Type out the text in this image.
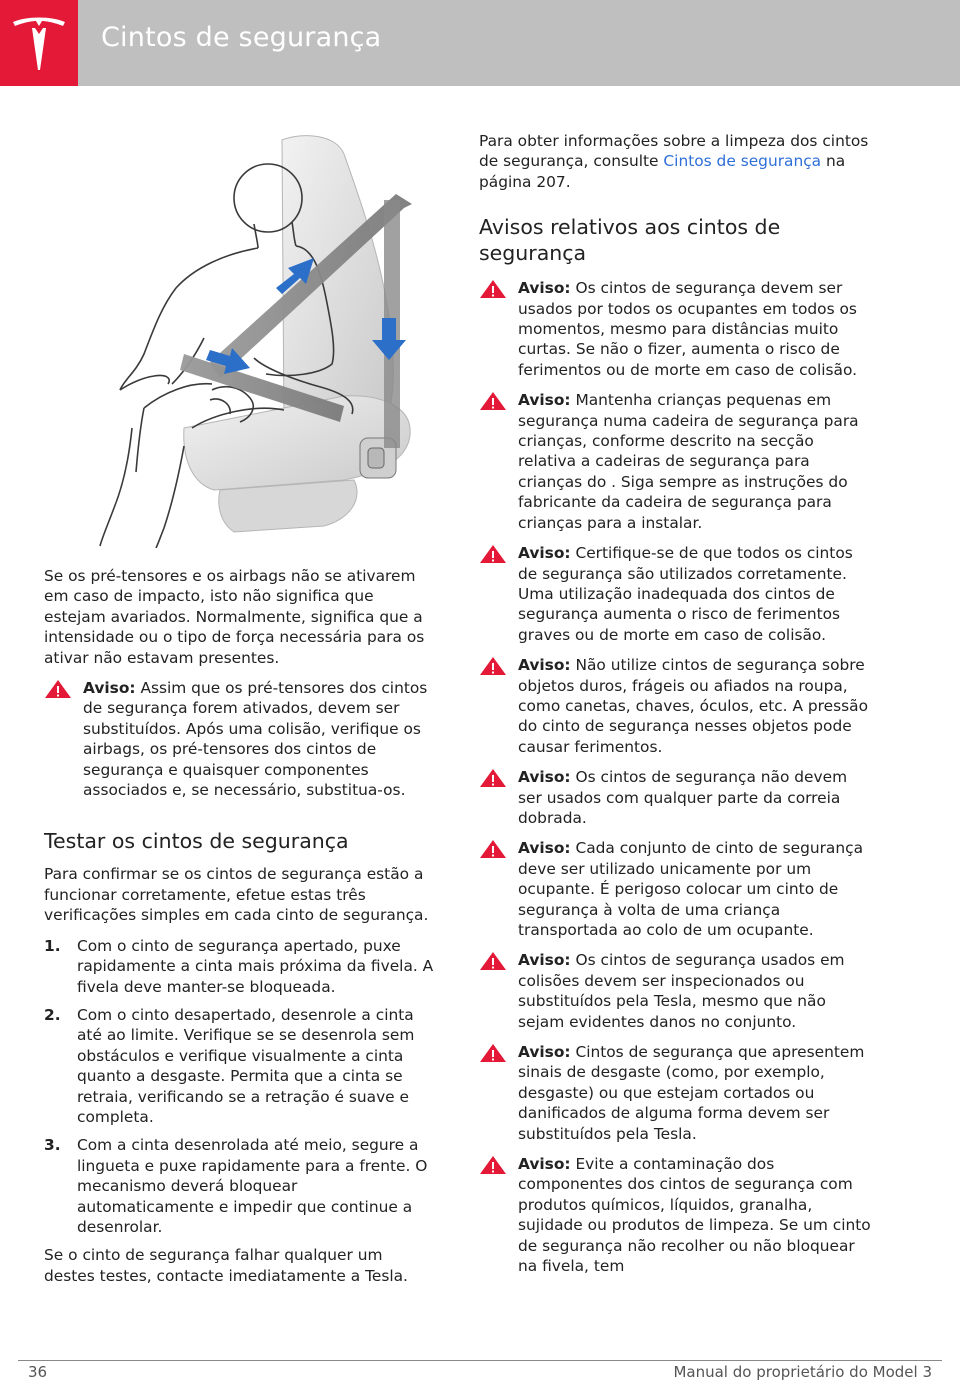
Cintos de segurança

Se os pré-tensores e os airbags não se ativarem em caso de impacto, isto não significa que estejam avariados. Normalmente, significa que a intensidade ou o tipo de força necessária para os ativar não estavam presentes.

Aviso: Assim que os pré-tensores dos cintos de segurança forem ativados, devem ser substituídos. Após uma colisão, verifique os airbags, os pré-tensores dos cintos de segurança e quaisquer componentes associados e, se necessário, substitua-os.
Testar os cintos de segurança

Para confirmar se os cintos de segurança estão a funcionar corretamente, efetue estas três verificações simples em cada cinto de segurança.

1. Com o cinto de segurança apertado, puxe rapidamente a cinta mais próxima da fivela. A fivela deve manter-se bloqueada.
2. Com o cinto desapertado, desenrole a cinta até ao limite. Verifique se se desenrola sem obstáculos e verifique visualmente a cinta quanto a desgaste. Permita que a cinta se retraia, verificando se a retração é suave e completa.
3. Com a cinta desenrolada até meio, segure a lingueta e puxe rapidamente para a frente. O mecanismo deverá bloquear automaticamente e impedir que continue a desenrolar.

Se o cinto de segurança falhar qualquer um destes testes, contacte imediatamente a Tesla.

Para obter informações sobre a limpeza dos cintos de segurança, consulte Cintos de segurança na página 207.

Avisos relativos aos cintos de segurança
Aviso: Os cintos de segurança devem ser usados por todos os ocupantes em todos os momentos, mesmo para distâncias muito curtas. Se não o fizer, aumenta o risco de ferimentos ou de morte em caso de colisão.
Aviso: Mantenha crianças pequenas em segurança numa cadeira de segurança para crianças, conforme descrito na secção relativa a cadeiras de segurança para crianças do . Siga sempre as instruções do fabricante da cadeira de segurança para crianças para a instalar.
Aviso: Certifique-se de que todos os cintos de segurança são utilizados corretamente. Uma utilização inadequada dos cintos de segurança aumenta o risco de ferimentos graves ou de morte em caso de colisão.
Aviso: Não utilize cintos de segurança sobre objetos duros, frágeis ou afiados na roupa, como canetas, chaves, óculos, etc. A pressão do cinto de segurança nesses objetos pode causar ferimentos.
Aviso: Os cintos de segurança não devem ser usados com qualquer parte da correia dobrada.
Aviso: Cada conjunto de cinto de segurança deve ser utilizado unicamente por um ocupante. É perigoso colocar um cinto de segurança à volta de uma criança transportada ao colo de um ocupante.
Aviso: Os cintos de segurança usados em colisões devem ser inspecionados ou substituídos pela Tesla, mesmo que não sejam evidentes danos no conjunto.
Aviso: Cintos de segurança que apresentem sinais de desgaste (como, por exemplo, desgaste) ou que estejam cortados ou danificados de alguma forma devem ser substituídos pela Tesla.
Aviso: Evite a contaminação dos componentes dos cintos de segurança com produtos químicos, líquidos, granalha, sujidade ou produtos de limpeza. Se um cinto de segurança não recolher ou não bloquear na fivela, tem
36	Manual do proprietário do Model 3
